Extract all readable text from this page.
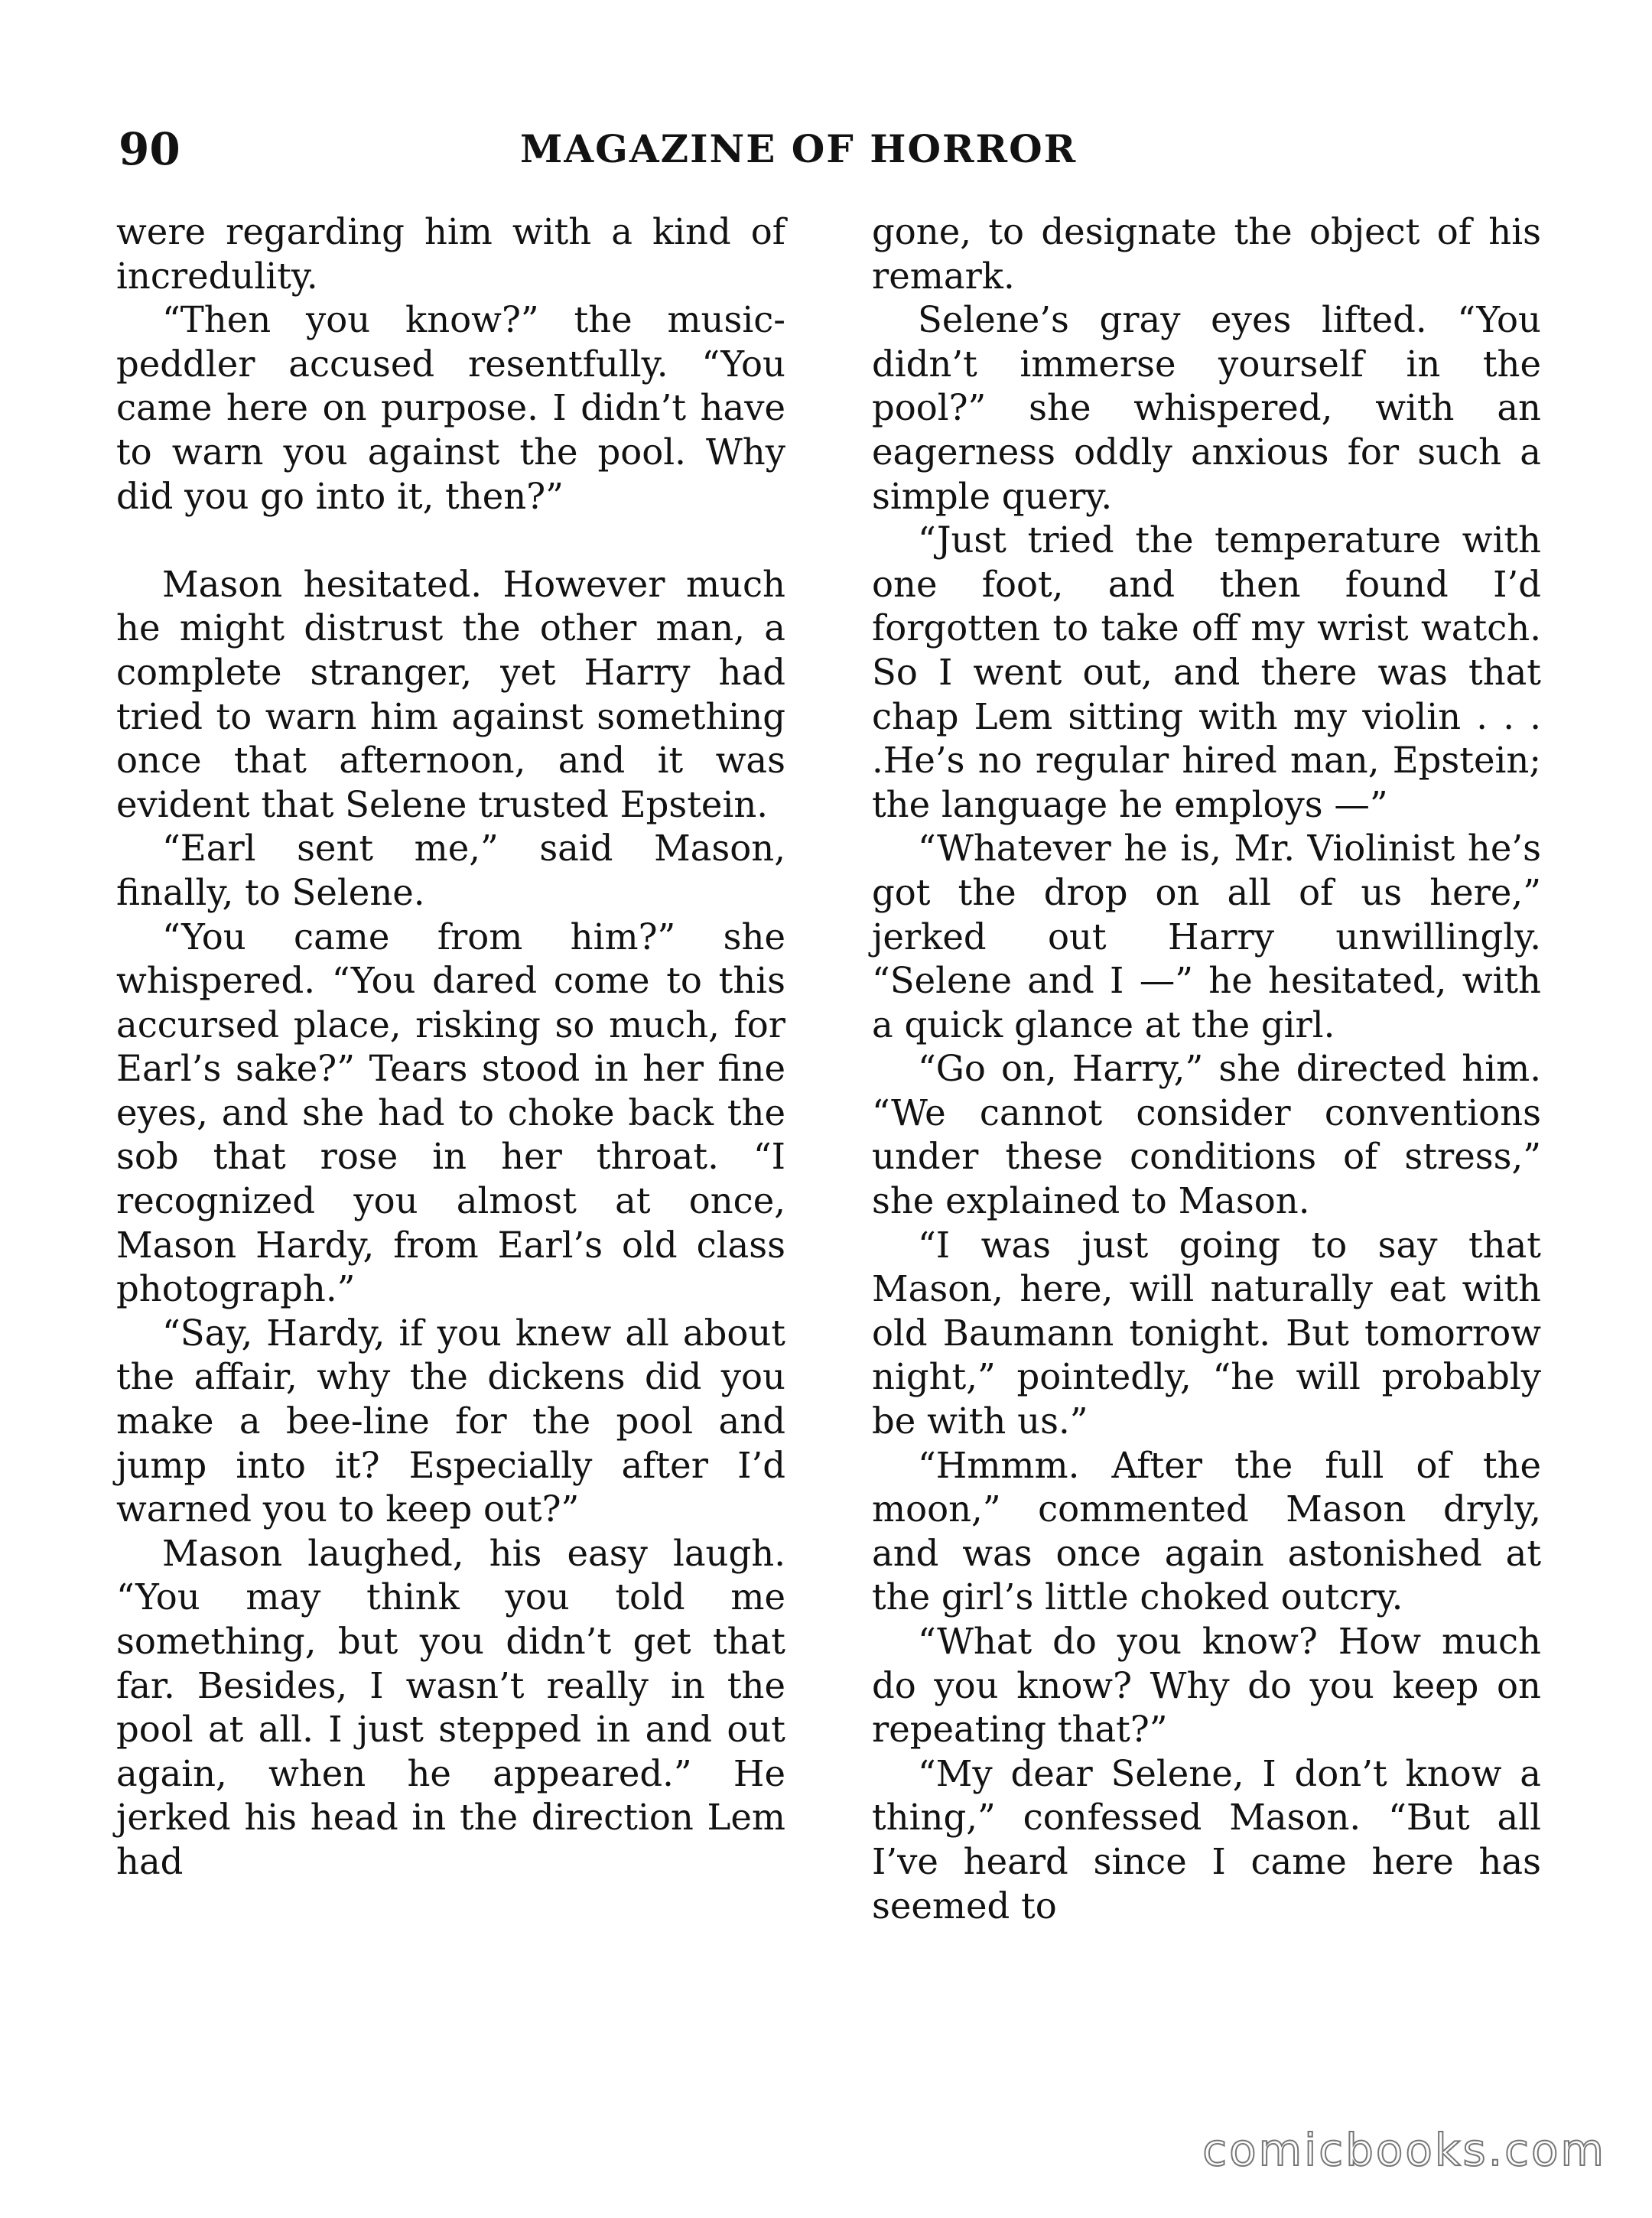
90	MAGAZINE OF HORROR

were regarding him with a kind of incredulity.

“Then you know?” the music-peddler accused resentfully. “You came here on purpose. I didn’t have to warn you against the pool. Why did you go into it, then?”

Mason hesitated. However much he might distrust the other man, a complete stranger, yet Harry had tried to warn him against something once that afternoon, and it was evident that Selene trusted Epstein.

“Earl sent me,” said Mason, finally, to Selene.

“You came from him?” she whispered. “You dared come to this accursed place, risking so much, for Earl’s sake?” Tears stood in her fine eyes, and she had to choke back the sob that rose in her throat. “I recognized you almost at once, Mason Hardy, from Earl’s old class photograph.”

“Say, Hardy, if you knew all about the affair, why the dickens did you make a bee-line for the pool and jump into it? Especially after I’d warned you to keep out?”

Mason laughed, his easy laugh. “You may think you told me something, but you didn’t get that far. Besides, I wasn’t really in the pool at all. I just stepped in and out again, when he appeared.” He jerked his head in the direction Lem had

gone, to designate the object of his remark.

Selene’s gray eyes lifted. “You didn’t immerse yourself in the pool?” she whispered, with an eagerness oddly anxious for such a simple query.

“Just tried the temperature with one foot, and then found I’d forgotten to take off my wrist watch. So I went out, and there was that chap Lem sitting with my violin . . . .He’s no regular hired man, Epstein; the language he employs —”

“Whatever he is, Mr. Violinist he’s got the drop on all of us here,” jerked out Harry unwillingly. “Selene and I —” he hesitated, with a quick glance at the girl.

“Go on, Harry,” she directed him. “We cannot consider conventions under these conditions of stress,” she explained to Mason.

“I was just going to say that Mason, here, will naturally eat with old Baumann tonight. But tomorrow night,” pointedly, “he will probably be with us.”

“Hmmm. After the full of the moon,” commented Mason dryly, and was once again astonished at the girl’s little choked outcry.

“What do you know? How much do you know? Why do you keep on repeating that?”

“My dear Selene, I don’t know a thing,” confessed Mason. “But all I’ve heard since I came here has seemed to

comicbooks.com
